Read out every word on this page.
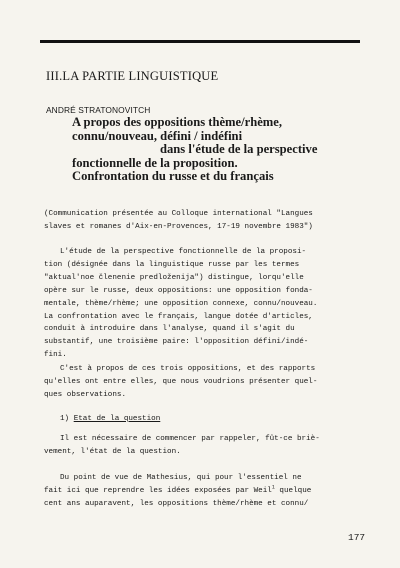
III.LA PARTIE LINGUISTIQUE
ANDRÉ STRATONOVITCH
A propos des oppositions thème/rhème,
connu/nouveau, défini / indéfini
dans l'étude de la perspective
fonctionnelle de la proposition.
Confrontation du russe et du français
(Communication présentée au Colloque international "Langues
slaves et romanes d'Aix-en-Provences, 17-19 novembre 1983")
L'étude de la perspective fonctionnelle de la proposi-
tion (désignée dans la linguistique russe par les termes
"aktual'noe členenie predloženija") distingue, lorqu'elle
opère sur le russe, deux oppositions: une opposition fonda-
mentale, thème/rhème; une opposition connexe, connu/nouveau.
La confrontation avec le français, langue dotée d'articles,
conduit à introduire dans l'analyse, quand il s'agit du
substantif, une troisième paire: l'opposition défini/indé-
fini.
C'est à propos de ces trois oppositions, et des rapports
qu'elles ont entre elles, que nous voudrions présenter quel-
ques observations.
1) Etat de la question
Il est nécessaire de commencer par rappeler, fût-ce briè-
vement, l'état de la question.
Du point de vue de Mathesius, qui pour l'essentiel ne
fait ici que reprendre les idées exposées par Weil$^1$ quelque
cent ans auparavent, les oppositions thème/rhème et connu/
177
